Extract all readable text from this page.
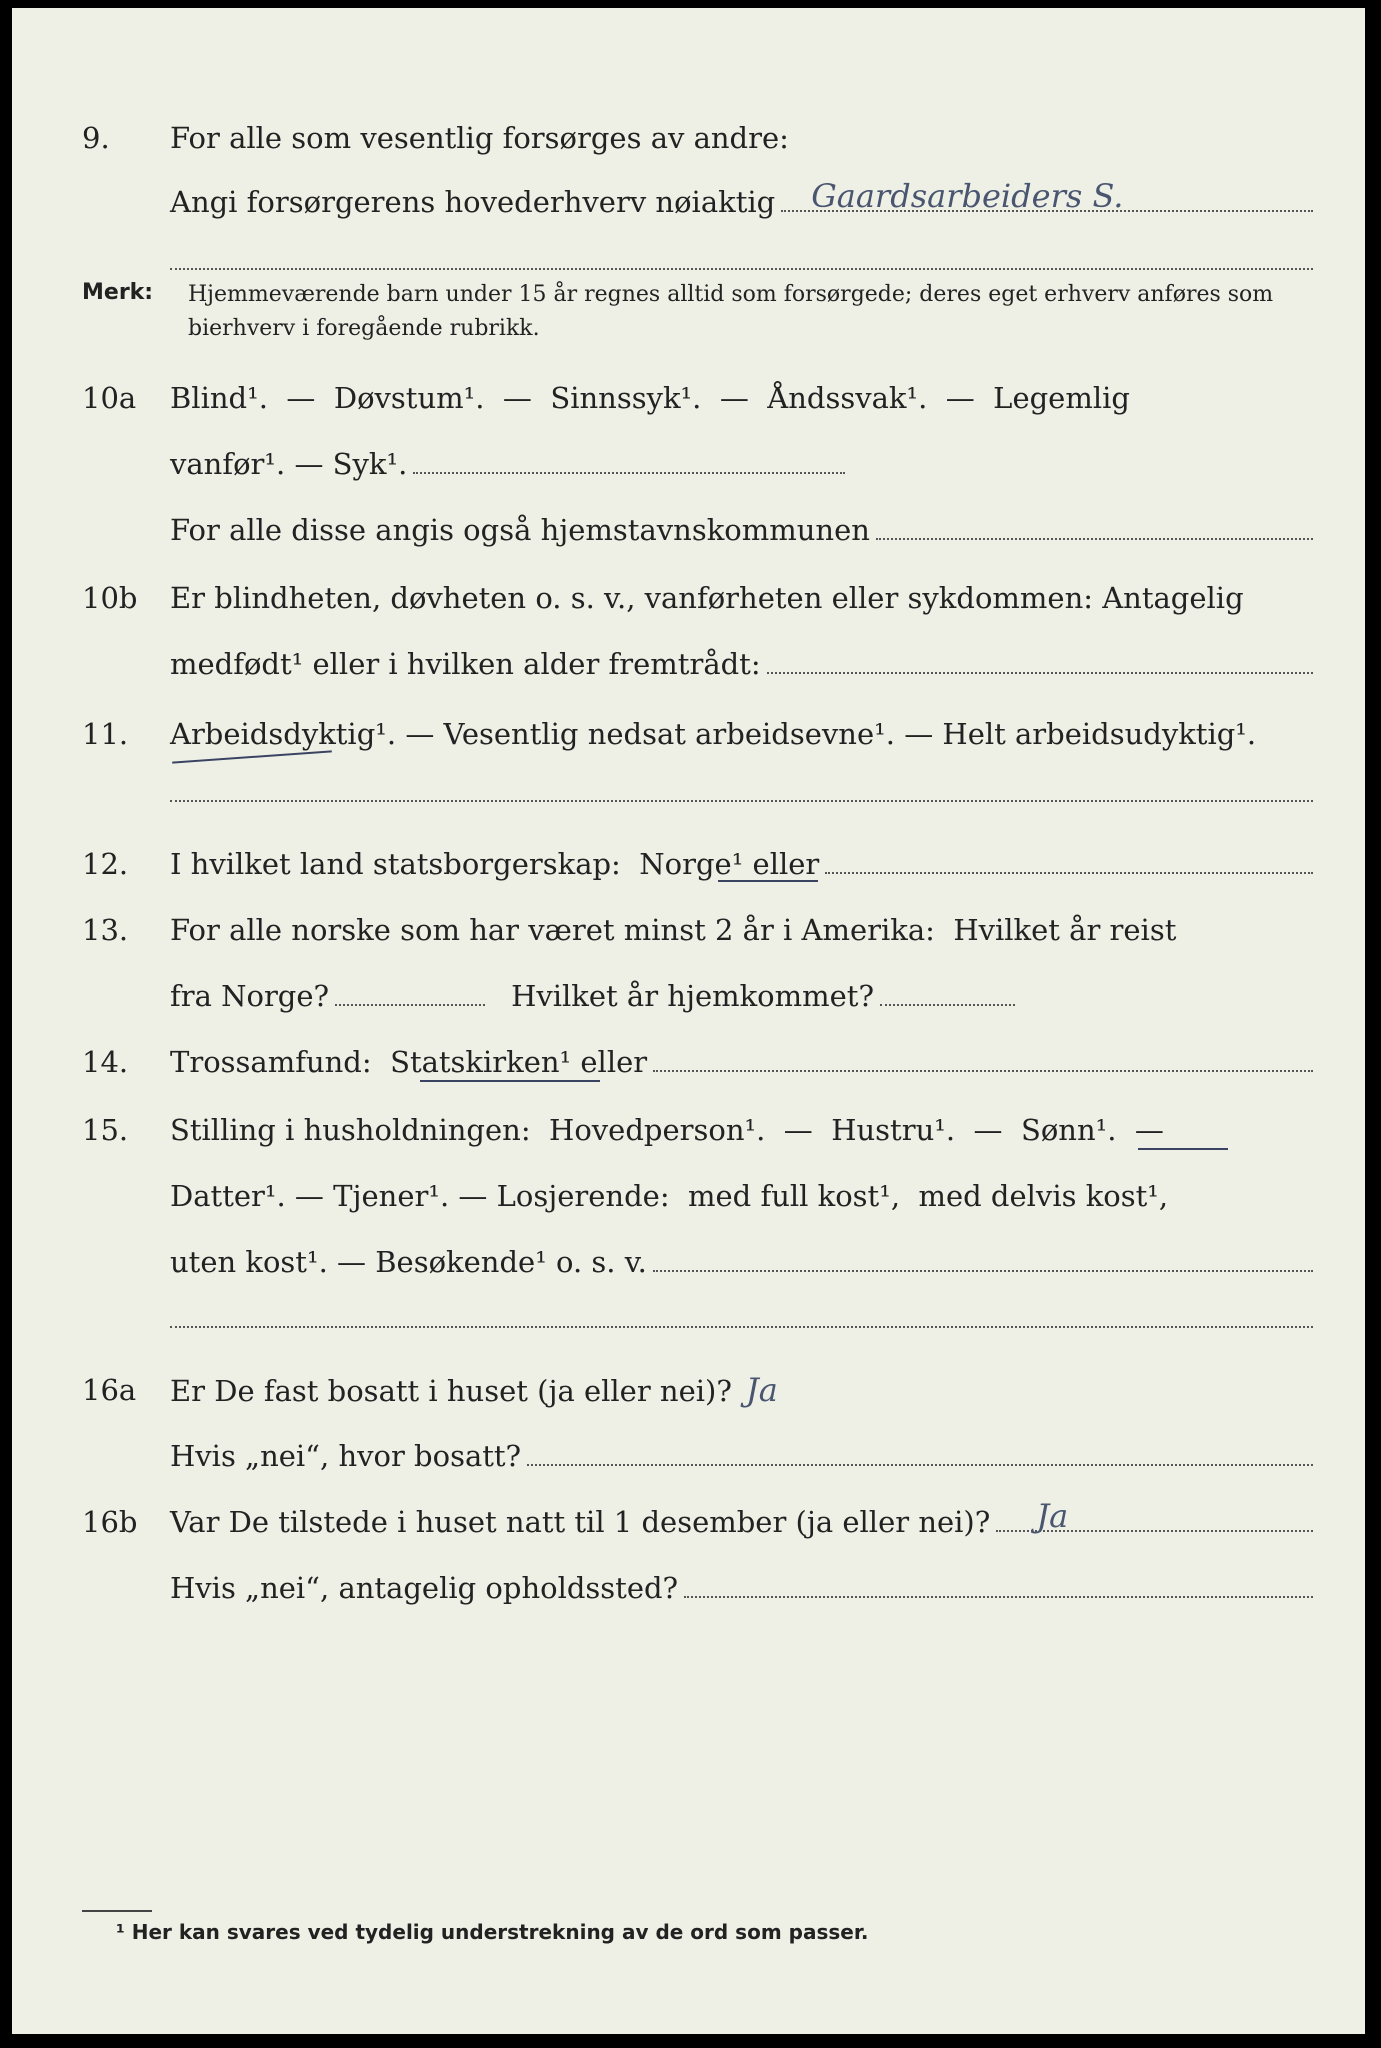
9. For alle som vesentlig forsørges av andre:
Angi forsørgerens hovederhverv nøiaktig Gaardsarbeiders S.
Merk: Hjemmeværende barn under 15 år regnes alltid som forsørgede; deres eget erhverv anføres som bierhverv i foregående rubrikk.
10a Blind¹.  —  Døvstum¹.  —  Sinnssyk¹.  —  Åndssvak¹.  —  Legemlig
vanfør¹. — Syk¹.
For alle disse angis også hjemstavnskommunen
10b Er blindheten, døvheten o. s. v., vanførheten eller sykdommen: Antagelig
medfødt¹ eller i hvilken alder fremtrådt:
11. Arbeidsdyktig¹. — Vesentlig nedsat arbeidsevne¹. — Helt arbeidsudyktig¹.
12. I hvilket land statsborgerskap:  Norge¹ eller
13. For alle norske som har været minst 2 år i Amerika:  Hvilket år reist
fra Norge?	Hvilket år hjemkommet?
14. Trossamfund:  Statskirken¹ eller
15. Stilling i husholdningen:  Hovedperson¹.  —  Hustru¹.  —  Sønn¹.  —
Datter¹. — Tjener¹. — Losjerende:  med full kost¹,  med delvis kost¹,
uten kost¹. — Besøkende¹ o. s. v.
16a Er De fast bosatt i huset (ja eller nei)? Ja
Hvis „nei“, hvor bosatt?
16b Var De tilstede i huset natt til 1 desember (ja eller nei)? Ja
Hvis „nei“, antagelig opholdssted?
¹ Her kan svares ved tydelig understrekning av de ord som passer.
